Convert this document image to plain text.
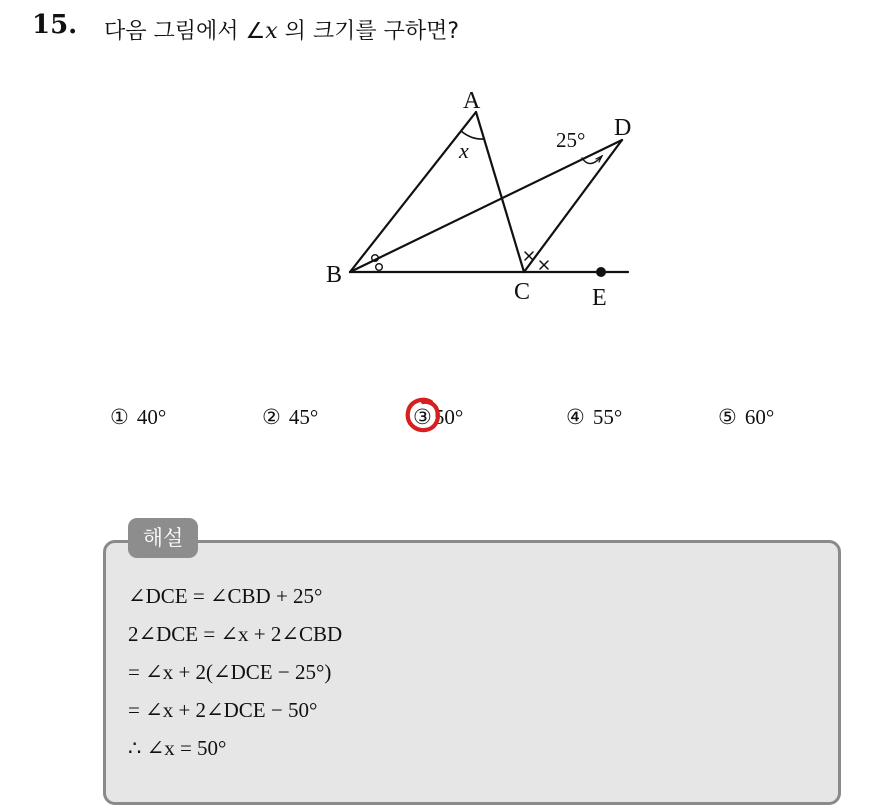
15. 다음 그림에서 ∠x 의 크기를 구하면?
A
B
C
D
E
25°
x
① 40°	② 45°	③50°	④ 55°	⑤ 60°
해설
∠DCE = ∠CBD + 25°
2∠DCE = ∠x + 2∠CBD
= ∠x + 2(∠DCE − 25°)
= ∠x + 2∠DCE − 50°
∴ ∠x = 50°
